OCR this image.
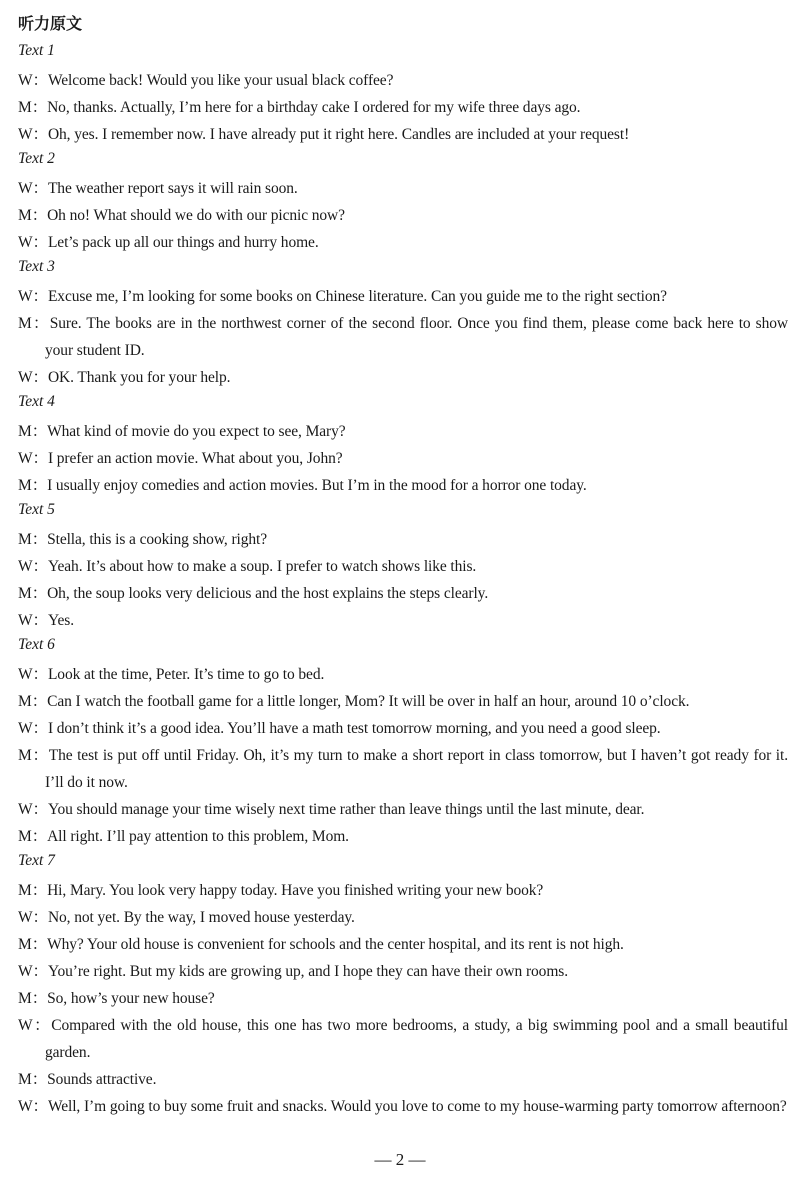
听力原文
Text 1

W：Welcome back! Would you like your usual black coffee?

M：No, thanks. Actually, I’m here for a birthday cake I ordered for my wife three days ago.

W：Oh, yes. I remember now. I have already put it right here. Candles are included at your request!

Text 2

W：The weather report says it will rain soon.

M：Oh no! What should we do with our picnic now?

W：Let’s pack up all our things and hurry home.

Text 3

W：Excuse me, I’m looking for some books on Chinese literature. Can you guide me to the right section?

M：Sure. The books are in the northwest corner of the second floor. Once you find them, please come back here to show your student ID.

W：OK. Thank you for your help.

Text 4

M：What kind of movie do you expect to see, Mary?

W：I prefer an action movie. What about you, John?

M：I usually enjoy comedies and action movies. But I’m in the mood for a horror one today.

Text 5

M：Stella, this is a cooking show, right?

W：Yeah. It’s about how to make a soup. I prefer to watch shows like this.

M：Oh, the soup looks very delicious and the host explains the steps clearly.

W：Yes.

Text 6

W：Look at the time, Peter. It’s time to go to bed.

M：Can I watch the football game for a little longer, Mom? It will be over in half an hour, around 10 o’clock.

W：I don’t think it’s a good idea. You’ll have a math test tomorrow morning, and you need a good sleep.

M：The test is put off until Friday. Oh, it’s my turn to make a short report in class tomorrow, but I haven’t got ready for it. I’ll do it now.

W：You should manage your time wisely next time rather than leave things until the last minute, dear.

M：All right. I’ll pay attention to this problem, Mom.

Text 7

M：Hi, Mary. You look very happy today. Have you finished writing your new book?

W：No, not yet. By the way, I moved house yesterday.

M：Why? Your old house is convenient for schools and the center hospital, and its rent is not high.

W：You’re right. But my kids are growing up, and I hope they can have their own rooms.

M：So, how’s your new house?

W：Compared with the old house, this one has two more bedrooms, a study, a big swimming pool and a small beautiful garden.

M：Sounds attractive.

W：Well, I’m going to buy some fruit and snacks. Would you love to come to my house-warming party tomorrow afternoon?

— 2 —
